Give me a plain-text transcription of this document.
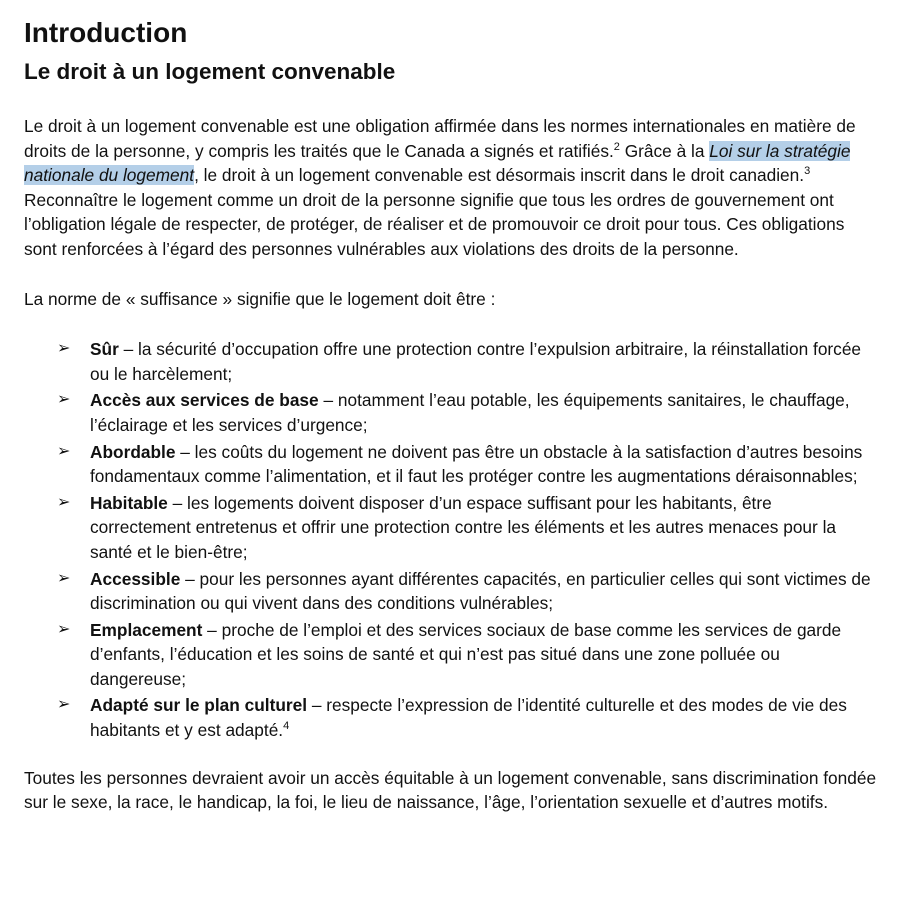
Introduction
Le droit à un logement convenable

Le droit à un logement convenable est une obligation affirmée dans les normes internationales en matière de droits de la personne, y compris les traités que le Canada a signés et ratifiés.$^2$ Grâce à la Loi sur la stratégie nationale du logement, le droit à un logement convenable est désormais inscrit dans le droit canadien.$^3$ Reconnaître le logement comme un droit de la personne signifie que tous les ordres de gouvernement ont l’obligation légale de respecter, de protéger, de réaliser et de promouvoir ce droit pour tous. Ces obligations sont renforcées à l’égard des personnes vulnérables aux violations des droits de la personne.

La norme de « suffisance » signifie que le logement doit être :

➢ Sûr – la sécurité d’occupation offre une protection contre l’expulsion arbitraire, la réinstallation forcée ou le harcèlement;
➢ Accès aux services de base – notamment l’eau potable, les équipements sanitaires, le chauffage, l’éclairage et les services d’urgence;
➢ Abordable – les coûts du logement ne doivent pas être un obstacle à la satisfaction d’autres besoins fondamentaux comme l’alimentation, et il faut les protéger contre les augmentations déraisonnables;
➢ Habitable – les logements doivent disposer d’un espace suffisant pour les habitants, être correctement entretenus et offrir une protection contre les éléments et les autres menaces pour la santé et le bien-être;
➢ Accessible – pour les personnes ayant différentes capacités, en particulier celles qui sont victimes de discrimination ou qui vivent dans des conditions vulnérables;
➢ Emplacement – proche de l’emploi et des services sociaux de base comme les services de garde d’enfants, l’éducation et les soins de santé et qui n’est pas situé dans une zone polluée ou dangereuse;
➢ Adapté sur le plan culturel – respecte l’expression de l’identité culturelle et des modes de vie des habitants et y est adapté.$^4$

Toutes les personnes devraient avoir un accès équitable à un logement convenable, sans discrimination fondée sur le sexe, la race, le handicap, la foi, le lieu de naissance, l’âge, l’orientation sexuelle et d’autres motifs.
